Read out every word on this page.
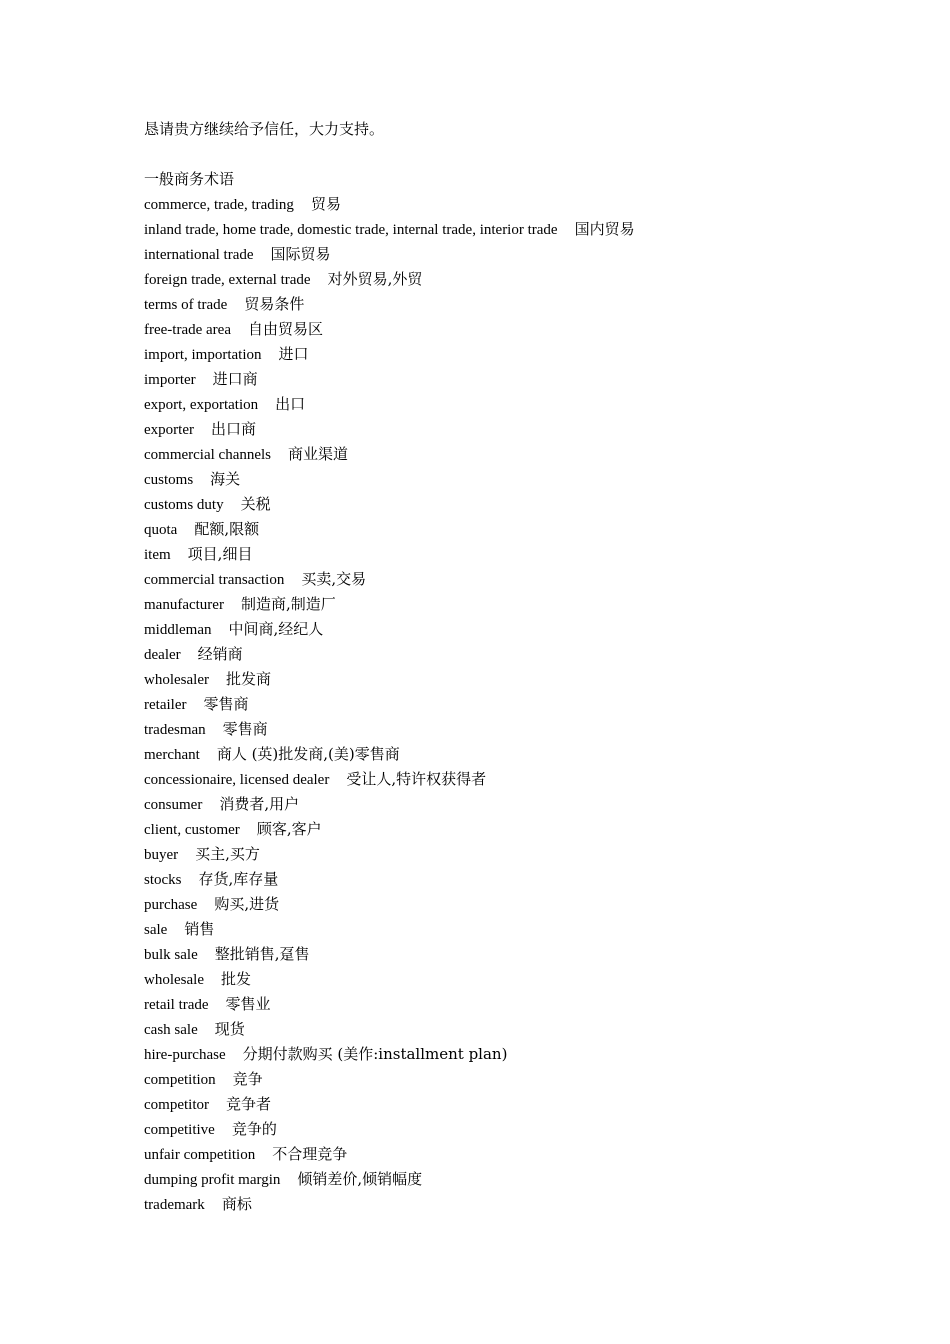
恳请贵方继续给予信任，大力支持。
一般商务术语
commerce, trade, trading 贸易
inland trade, home trade, domestic trade, internal trade, interior trade 国内贸易
international trade 国际贸易
foreign trade, external trade 对外贸易,外贸
terms of trade 贸易条件
free-trade area 自由贸易区
import, importation 进口
importer 进口商
export, exportation 出口
exporter 出口商
commercial channels 商业渠道
customs 海关
customs duty 关税
quota 配额,限额
item 项目,细目
commercial transaction 买卖,交易
manufacturer 制造商,制造厂
middleman 中间商,经纪人
dealer 经销商
wholesaler 批发商
retailer 零售商
tradesman 零售商
merchant 商人 (英)批发商,(美)零售商
concessionaire, licensed dealer 受让人,特许权获得者
consumer 消费者,用户
client, customer 顾客,客户
buyer 买主,买方
stocks 存货,库存量
purchase 购买,进货
sale 销售
bulk sale 整批销售,趸售
wholesale 批发
retail trade 零售业
cash sale 现货
hire-purchase 分期付款购买 (美作:installment plan)
competition 竞争
competitor 竞争者
competitive 竞争的
unfair competition 不合理竞争
dumping profit margin 倾销差价,倾销幅度
trademark 商标
